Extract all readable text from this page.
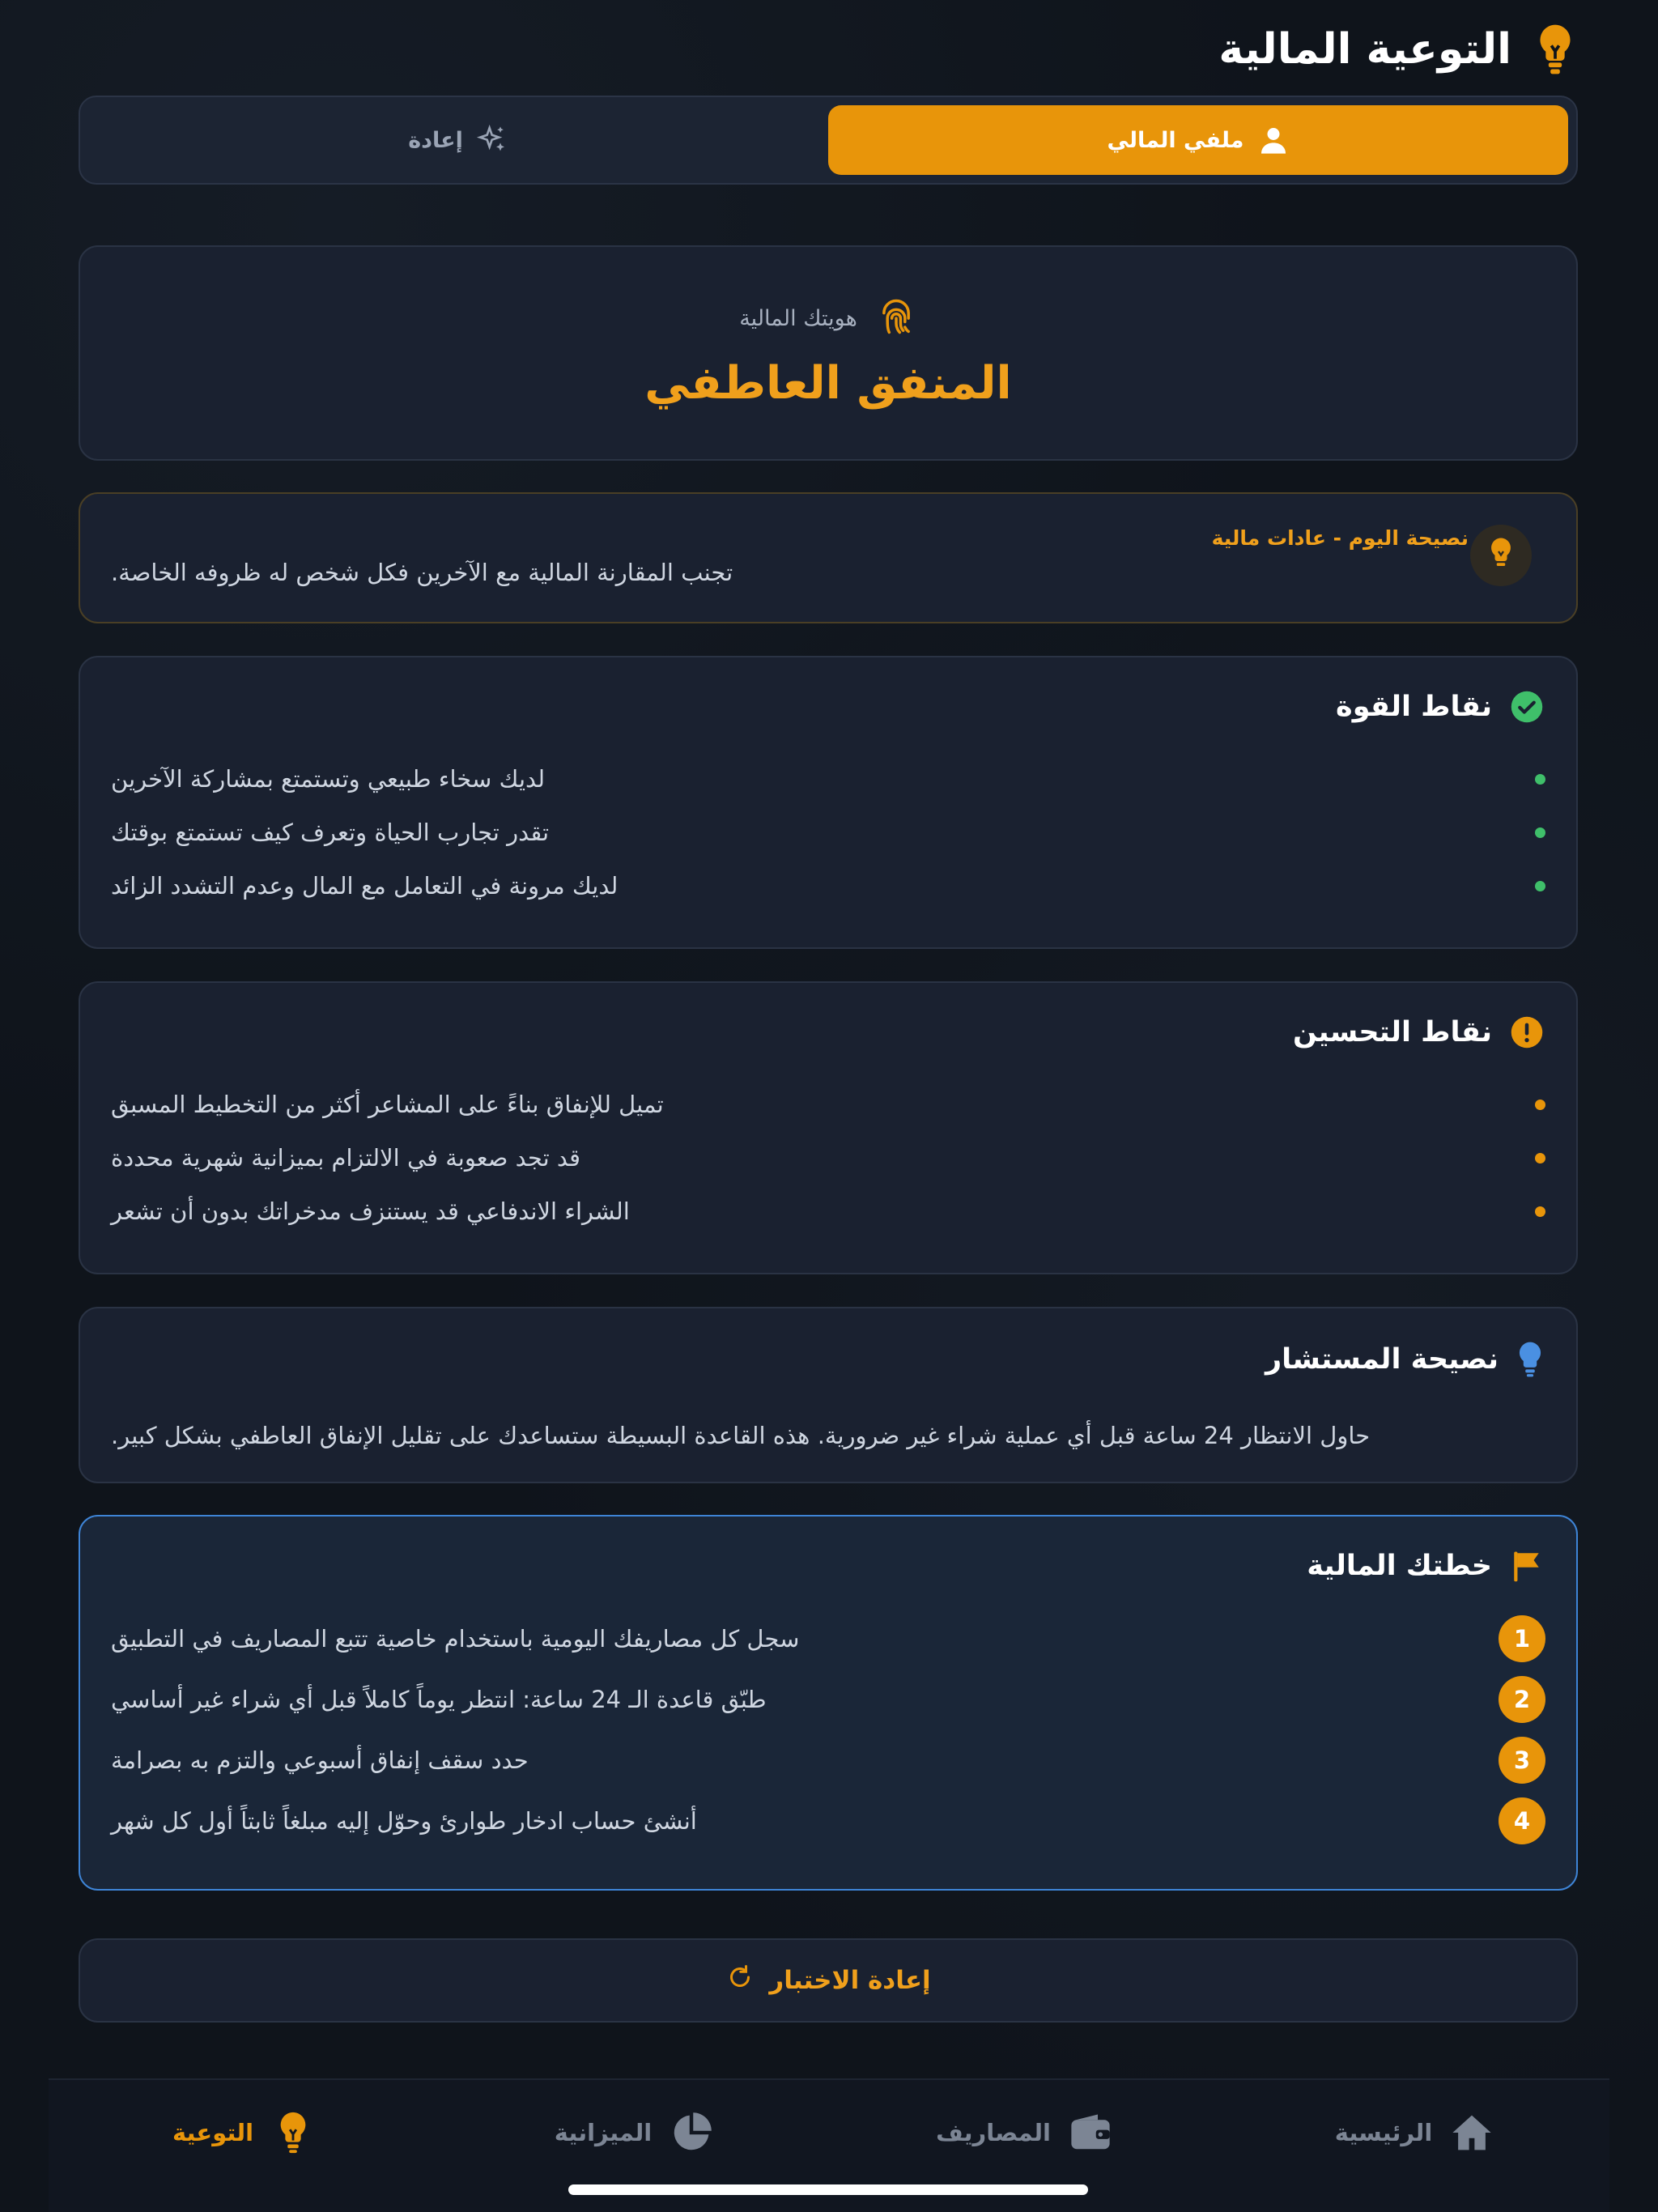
التوعية المالية
ملفي المالي
إعادة
هويتك المالية
المنفق العاطفي
نصيحة اليوم - عادات مالية
تجنب المقارنة المالية مع الآخرين فكل شخص له ظروفه الخاصة.
نقاط القوة
لديك سخاء طبيعي وتستمتع بمشاركة الآخرين
تقدر تجارب الحياة وتعرف كيف تستمتع بوقتك
لديك مرونة في التعامل مع المال وعدم التشدد الزائد
نقاط التحسين
تميل للإنفاق بناءً على المشاعر أكثر من التخطيط المسبق
قد تجد صعوبة في الالتزام بميزانية شهرية محددة
الشراء الاندفاعي قد يستنزف مدخراتك بدون أن تشعر
نصيحة المستشار
حاول الانتظار 24 ساعة قبل أي عملية شراء غير ضرورية. هذه القاعدة البسيطة ستساعدك على تقليل الإنفاق العاطفي بشكل كبير.
خطتك المالية
1
سجل كل مصاريفك اليومية باستخدام خاصية تتبع المصاريف في التطبيق
2
طبّق قاعدة الـ 24 ساعة: انتظر يوماً كاملاً قبل أي شراء غير أساسي
3
حدد سقف إنفاق أسبوعي والتزم به بصرامة
4
أنشئ حساب ادخار طوارئ وحوّل إليه مبلغاً ثابتاً أول كل شهر
إعادة الاختبار
الرئيسية
المصاريف
الميزانية
التوعية
